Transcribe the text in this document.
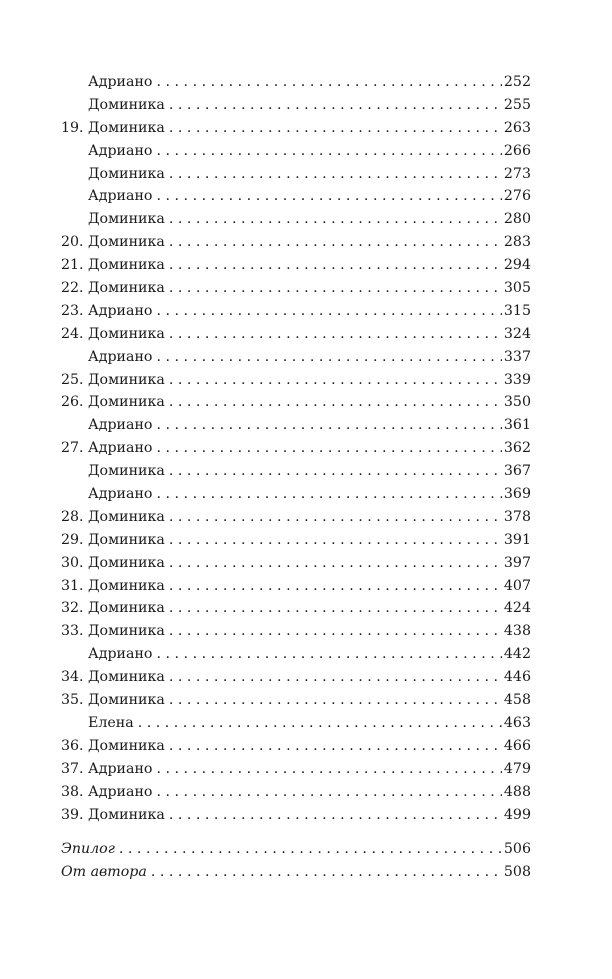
Адриано . . .	252
Доминика . . .	255
19. Доминика . . .	263
Адриано . . .	266
Доминика . . .	273
Адриано . . .	276
Доминика . . .	280
20. Доминика . . .	283
21. Доминика . . .	294
22. Доминика . . .	305
23. Адриано . . .	315
24. Доминика . . .	324
Адриано . . .	337
25. Доминика . . .	339
26. Доминика . . .	350
Адриано . . .	361
27. Адриано . . .	362
Доминика . . .	367
Адриано . . .	369
28. Доминика . . .	378
29. Доминика . . .	391
30. Доминика . . .	397
31. Доминика . . .	407
32. Доминика . . .	424
33. Доминика . . .	438
Адриано . . .	442
34. Доминика . . .	446
35. Доминика . . .	458
Елена . . .	463
36. Доминика . . .	466
37. Адриано . . .	479
38. Адриано . . .	488
39. Доминика . . .	499
Эпилог . . .	506
От автора . . .	508
